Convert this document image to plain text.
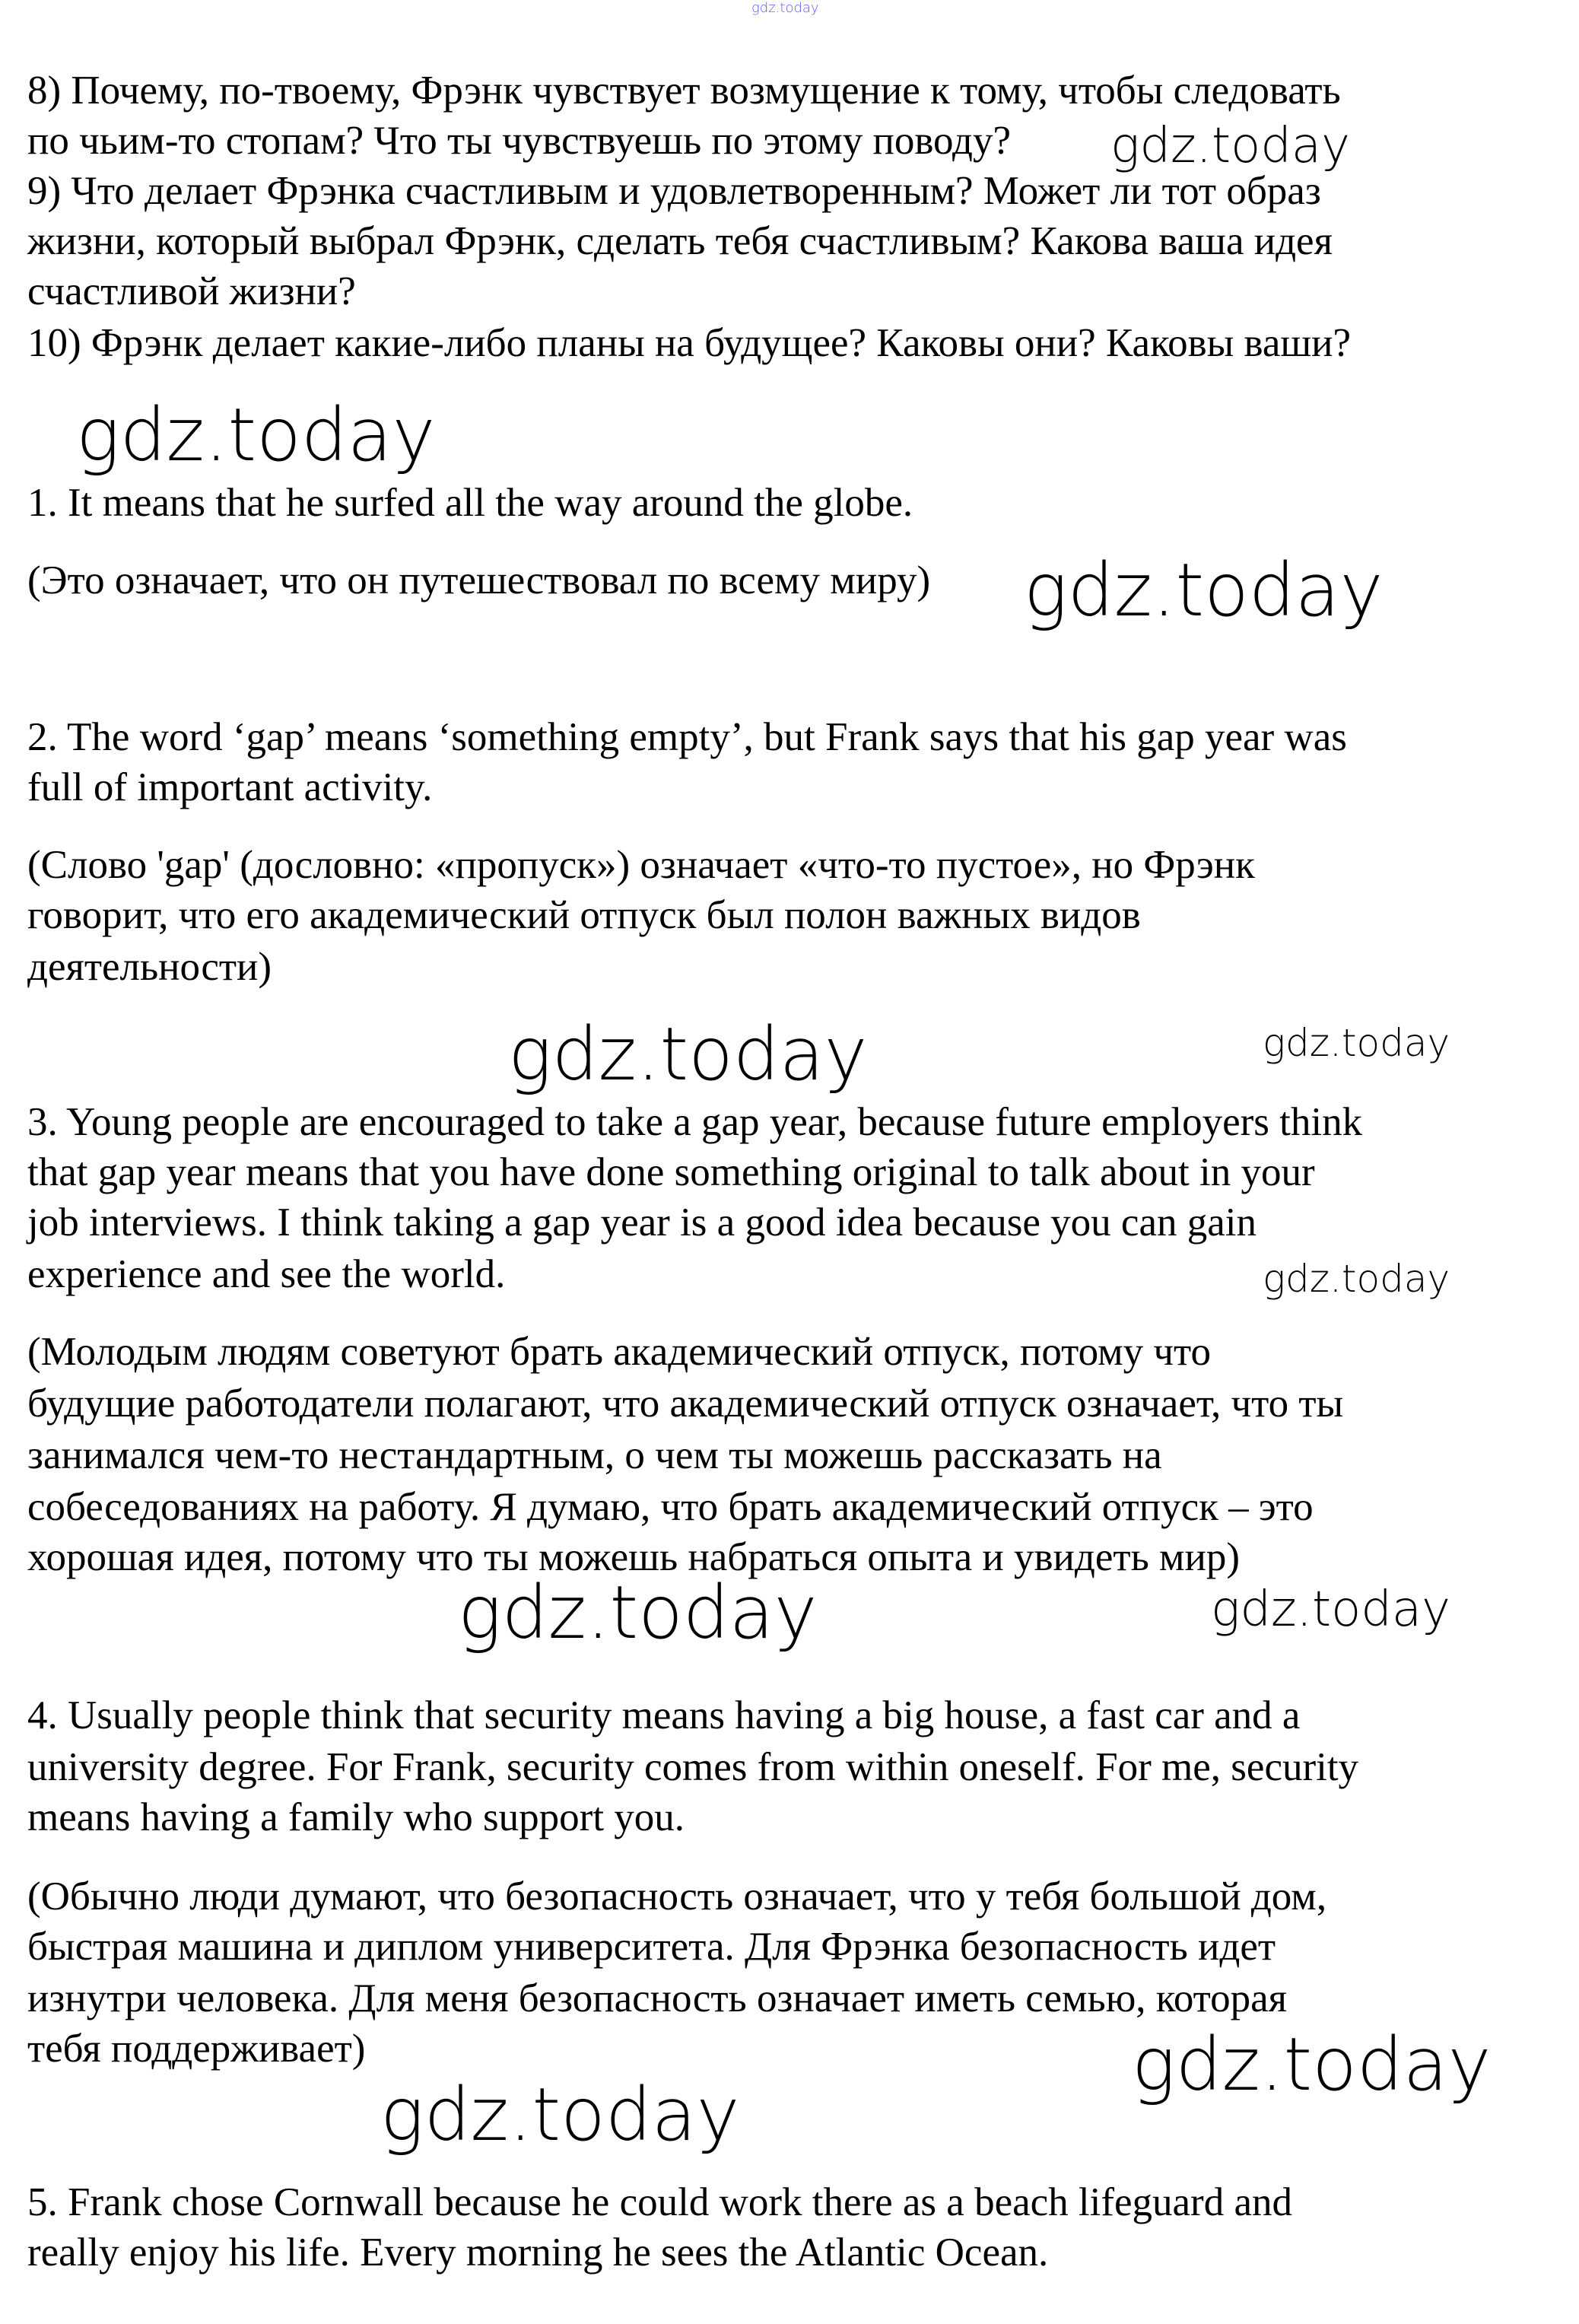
gdz.today
8) Почему, по-твоему, Фрэнк чувствует возмущение к тому, чтобы следовать
по чьим-то стопам? Что ты чувствуешь по этому поводу? gdz.today
9) Что делает Фрэнка счастливым и удовлетворенным? Может ли тот образ
жизни, который выбрал Фрэнк, сделать тебя счастливым? Какова ваша идея
счастливой жизни?
10) Фрэнк делает какие-либо планы на будущее? Каковы они? Каковы ваши?
gdz.today
1. It means that he surfed all the way around the globe.
(Это означает, что он путешествовал по всему миру) gdz.today
2. The word ‘gap’ means ‘something empty’, but Frank says that his gap year was
full of important activity.
(Слово 'gap' (дословно: «пропуск») означает «что-то пустое», но Фрэнк
говорит, что его академический отпуск был полон важных видов
деятельности)
gdz.today	gdz.today
3. Young people are encouraged to take a gap year, because future employers think
that gap year means that you have done something original to talk about in your
job interviews. I think taking a gap year is a good idea because you can gain
experience and see the world.	gdz.today
(Молодым людям советуют брать академический отпуск, потому что
будущие работодатели полагают, что академический отпуск означает, что ты
занимался чем-то нестандартным, о чем ты можешь рассказать на
собеседованиях на работу. Я думаю, что брать академический отпуск – это
хорошая идея, потому что ты можешь набраться опыта и увидеть мир)
gdz.today	gdz.today
4. Usually people think that security means having a big house, a fast car and a
university degree. For Frank, security comes from within oneself. For me, security
means having a family who support you.
(Обычно люди думают, что безопасность означает, что у тебя большой дом,
быстрая машина и диплом университета. Для Фрэнка безопасность идет
изнутри человека. Для меня безопасность означает иметь семью, которая
тебя поддерживает)	gdz.today
gdz.today
5. Frank chose Cornwall because he could work there as a beach lifeguard and
really enjoy his life. Every morning he sees the Atlantic Ocean.
